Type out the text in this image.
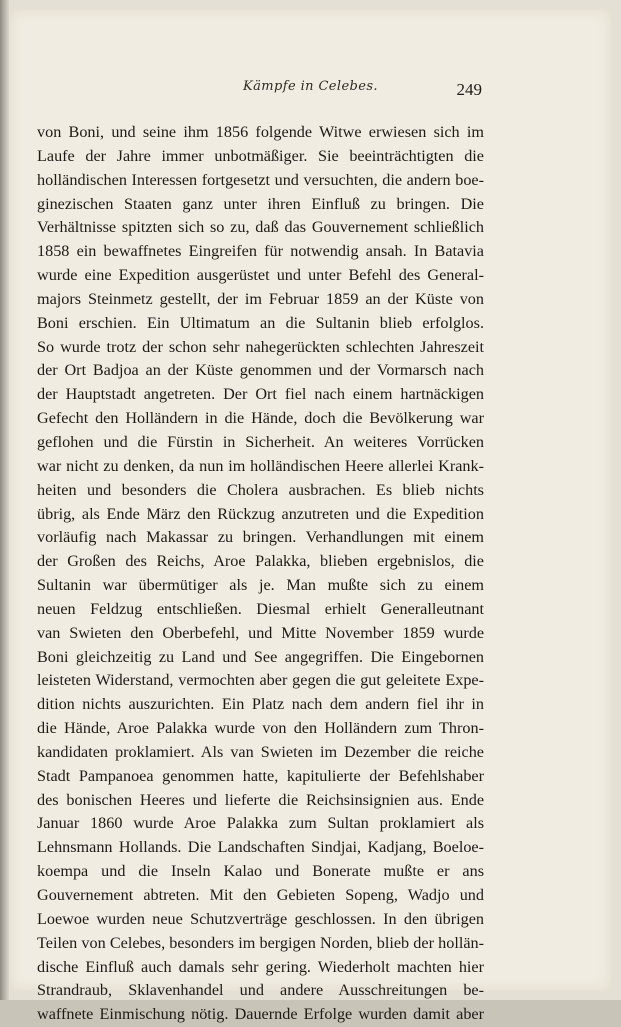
Kämpfe in Celebes.	249
von Boni, und seine ihm 1856 folgende Witwe erwiesen sich im
Laufe der Jahre immer unbotmäßiger. Sie beeinträchtigten die
holländischen Interessen fortgesetzt und versuchten, die andern boe-
ginezischen Staaten ganz unter ihren Einfluß zu bringen. Die
Verhältnisse spitzten sich so zu, daß das Gouvernement schließlich
1858 ein bewaffnetes Eingreifen für notwendig ansah. In Batavia
wurde eine Expedition ausgerüstet und unter Befehl des General-
majors Steinmetz gestellt, der im Februar 1859 an der Küste von
Boni erschien. Ein Ultimatum an die Sultanin blieb erfolglos.
So wurde trotz der schon sehr nahegerückten schlechten Jahreszeit
der Ort Badjoa an der Küste genommen und der Vormarsch nach
der Hauptstadt angetreten. Der Ort fiel nach einem hartnäckigen
Gefecht den Holländern in die Hände, doch die Bevölkerung war
geflohen und die Fürstin in Sicherheit. An weiteres Vorrücken
war nicht zu denken, da nun im holländischen Heere allerlei Krank-
heiten und besonders die Cholera ausbrachen. Es blieb nichts
übrig, als Ende März den Rückzug anzutreten und die Expedition
vorläufig nach Makassar zu bringen. Verhandlungen mit einem
der Großen des Reichs, Aroe Palakka, blieben ergebnislos, die
Sultanin war übermütiger als je. Man mußte sich zu einem
neuen Feldzug entschließen. Diesmal erhielt Generalleutnant
van Swieten den Oberbefehl, und Mitte November 1859 wurde
Boni gleichzeitig zu Land und See angegriffen. Die Eingebornen
leisteten Widerstand, vermochten aber gegen die gut geleitete Expe-
dition nichts auszurichten. Ein Platz nach dem andern fiel ihr in
die Hände, Aroe Palakka wurde von den Holländern zum Thron-
kandidaten proklamiert. Als van Swieten im Dezember die reiche
Stadt Pampanoea genommen hatte, kapitulierte der Befehlshaber
des bonischen Heeres und lieferte die Reichsinsignien aus. Ende
Januar 1860 wurde Aroe Palakka zum Sultan proklamiert als
Lehnsmann Hollands. Die Landschaften Sindjai, Kadjang, Boeloe-
koempa und die Inseln Kalao und Bonerate mußte er ans
Gouvernement abtreten. Mit den Gebieten Sopeng, Wadjo und
Loewoe wurden neue Schutzverträge geschlossen. In den übrigen
Teilen von Celebes, besonders im bergigen Norden, blieb der hollän-
dische Einfluß auch damals sehr gering. Wiederholt machten hier
Strandraub, Sklavenhandel und andere Ausschreitungen be-
waffnete Einmischung nötig. Dauernde Erfolge wurden damit aber
